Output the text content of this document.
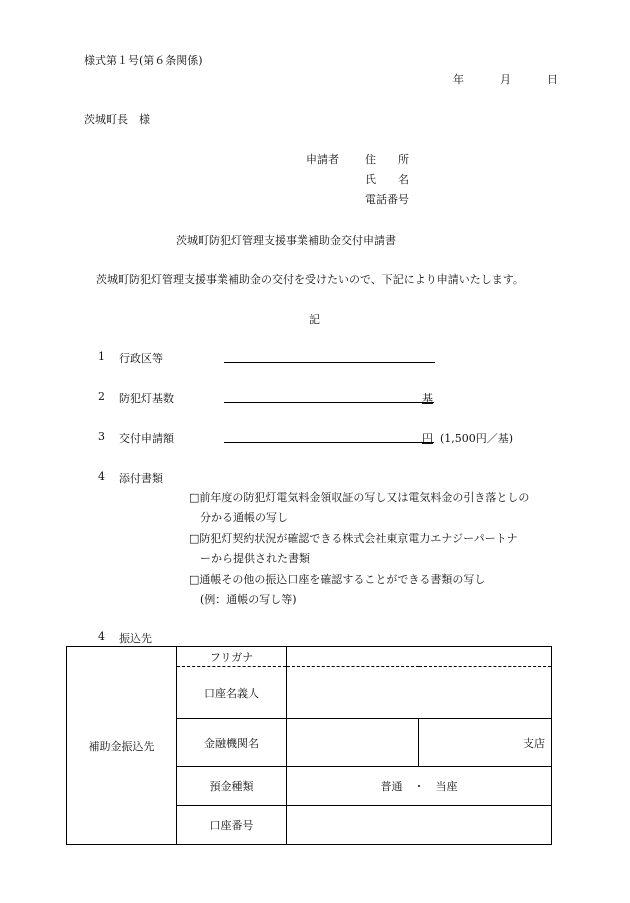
様式第１号(第６条関係)
年	月	日
茨城町長　様
申請者 住　　所
氏　　名
電話番号
茨城町防犯灯管理支援事業補助金交付申請書
茨城町防犯灯管理支援事業補助金の交付を受けたいので、下記により申請いたします。
記
1 行政区等
2 防犯灯基数	基
3 交付申請額	円 (1,500円／基)
4 添付書類
□前年度の防犯灯電気料金領収証の写し又は電気料金の引き落としの
　分かる通帳の写し
□防犯灯契約状況が確認できる株式会社東京電力エナジーパートナ
　ーから提供された書類
□通帳その他の振込口座を確認することができる書類の写し
　(例：通帳の写し等)
4 振込先
補助金振込先	フリガナ		
	口座名義人		
	金融機関名		支店
	預金種類	普通　・　当座	
	口座番号		
